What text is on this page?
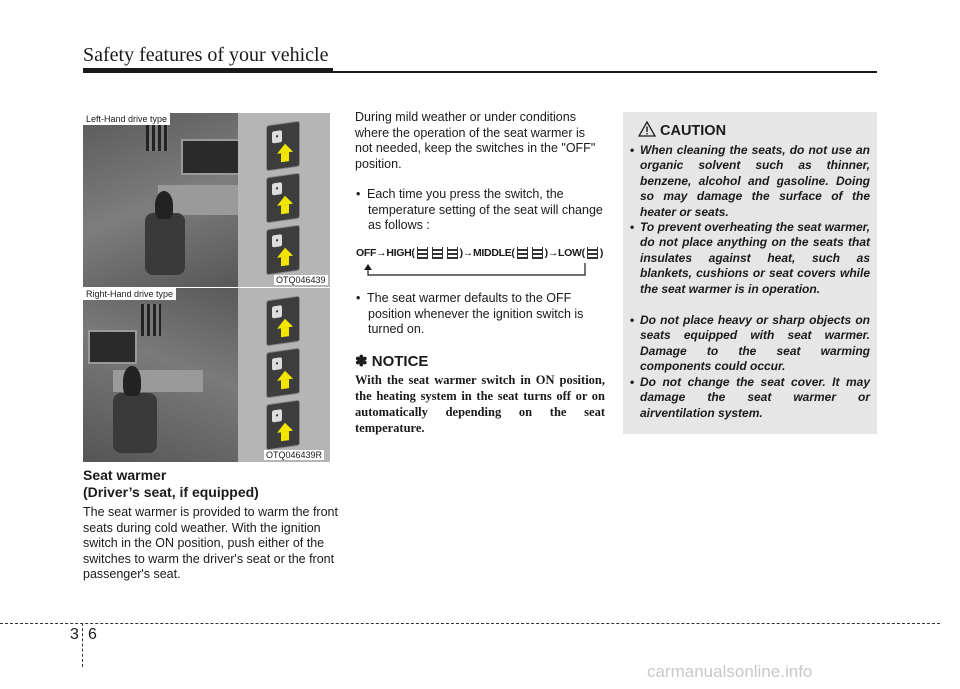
Safety features of your vehicle
▪
▪
▪
Left-Hand drive type
OTQ046439
▪
▪
▪
Right-Hand drive type
OTQ046439R
Seat warmer
(Driver’s seat, if equipped)
The seat warmer is provided to warm the front seats during cold weather. With the ignition switch in the ON position, push either of the switches to warm the driver's seat or the front passenger's seat.
During mild weather or under conditions where the operation of the seat warmer is not needed, keep the switches in the "OFF" position.
• Each time you press the switch, the temperature setting of the seat will change as follows :
OFF→HIGH(	)→MIDDLE(	)→LOW( )
• The seat warmer defaults to the OFF position whenever the ignition switch is turned on.
✽ NOTICE
With the seat warmer switch in ON position, the heating system in the seat turns off or on automatically depending on the seat temperature.
CAUTION
• When cleaning the seats, do not use an organic solvent such as thinner, benzene, alcohol and gasoline. Doing so may damage the surface of the heater or seats.
• To prevent overheating the seat warmer, do not place anything on the seats that insulates against heat, such as blankets, cushions or seat covers while the seat warmer is in operation.
• Do not place heavy or sharp objects on seats equipped with seat warmer. Damage to the seat warming components could occur.
• Do not change the seat cover. It may damage the seat warmer or airventilation system.
3 6
carmanualsonline.info
